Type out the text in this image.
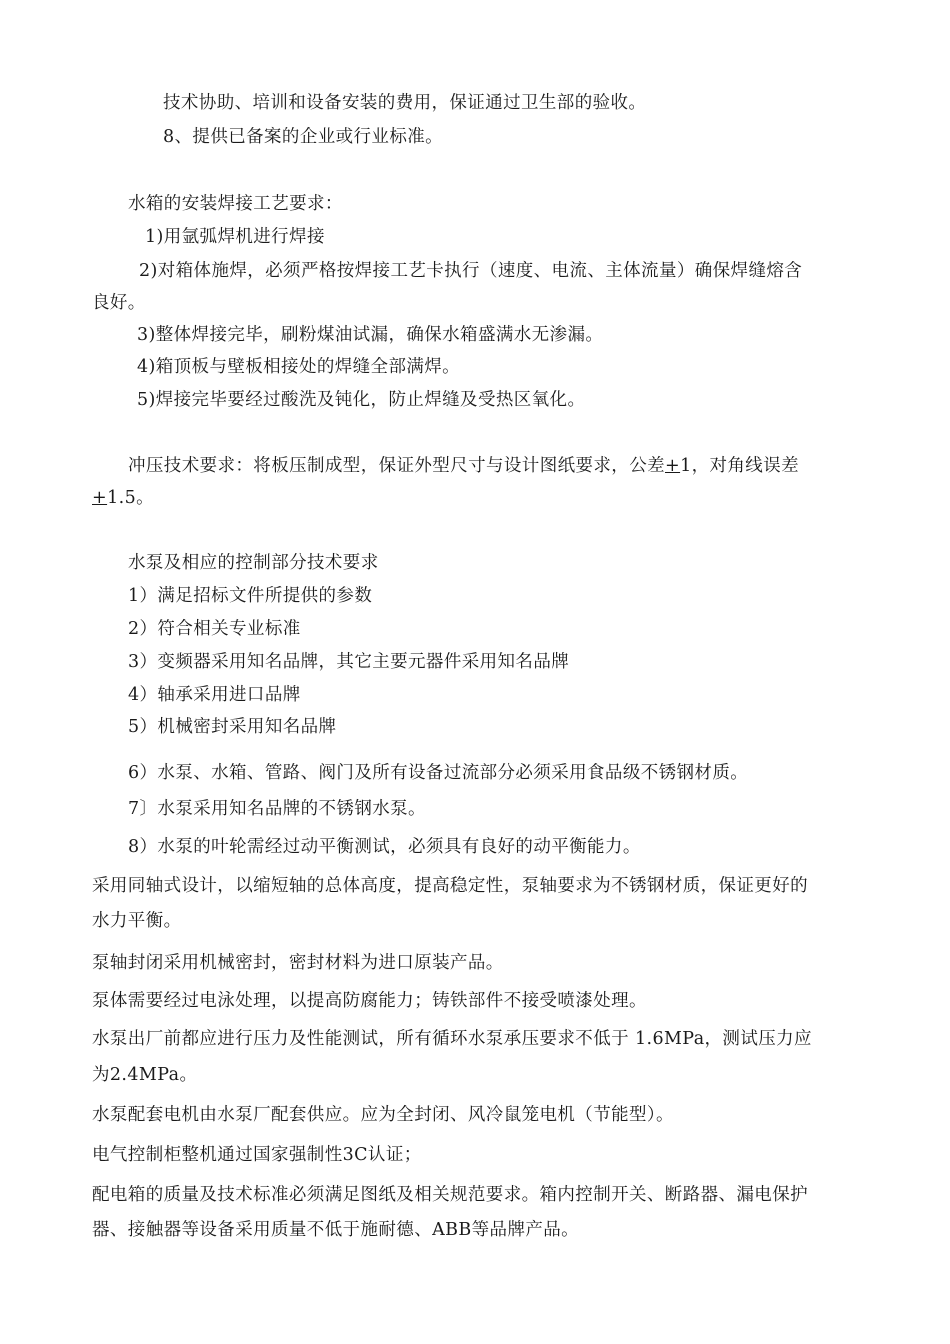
技术协助、培训和设备安装的费用，保证通过卫生部的验收。
8、提供已备案的企业或行业标准。
水箱的安装焊接工艺要求：
1)用氩弧焊机进行焊接
2)对箱体施焊，必须严格按焊接工艺卡执行（速度、电流、主体流量）确保焊缝熔含
良好。
3)整体焊接完毕，刷粉煤油试漏，确保水箱盛满水无渗漏。
4)箱顶板与壁板相接处的焊缝全部满焊。
5)焊接完毕要经过酸洗及钝化，防止焊缝及受热区氧化。
冲压技术要求：将板压制成型，保证外型尺寸与设计图纸要求，公差+1，对角线误差
+1.5。
水泵及相应的控制部分技术要求
1）满足招标文件所提供的参数
2）符合相关专业标准
3）变频器采用知名品牌，其它主要元器件采用知名品牌
4）轴承采用进口品牌
5）机械密封采用知名品牌
6）水泵、水箱、管路、阀门及所有设备过流部分必须采用食品级不锈钢材质。
7〕水泵采用知名品牌的不锈钢水泵。
8）水泵的叶轮需经过动平衡测试，必须具有良好的动平衡能力。
采用同轴式设计，以缩短轴的总体高度，提高稳定性，泵轴要求为不锈钢材质，保证更好的
水力平衡。
泵轴封闭采用机械密封，密封材料为进口原装产品。
泵体需要经过电泳处理，以提高防腐能力；铸铁部件不接受喷漆处理。
水泵出厂前都应进行压力及性能测试，所有循环水泵承压要求不低于 1.6MPa，测试压力应
为2.4MPa。
水泵配套电机由水泵厂配套供应。应为全封闭、风冷鼠笼电机（节能型）。
电气控制柜整机通过国家强制性3C认证；
配电箱的质量及技术标准必须满足图纸及相关规范要求。箱内控制开关、断路器、漏电保护
器、接触器等设备采用质量不低于施耐德、ABB等品牌产品。
